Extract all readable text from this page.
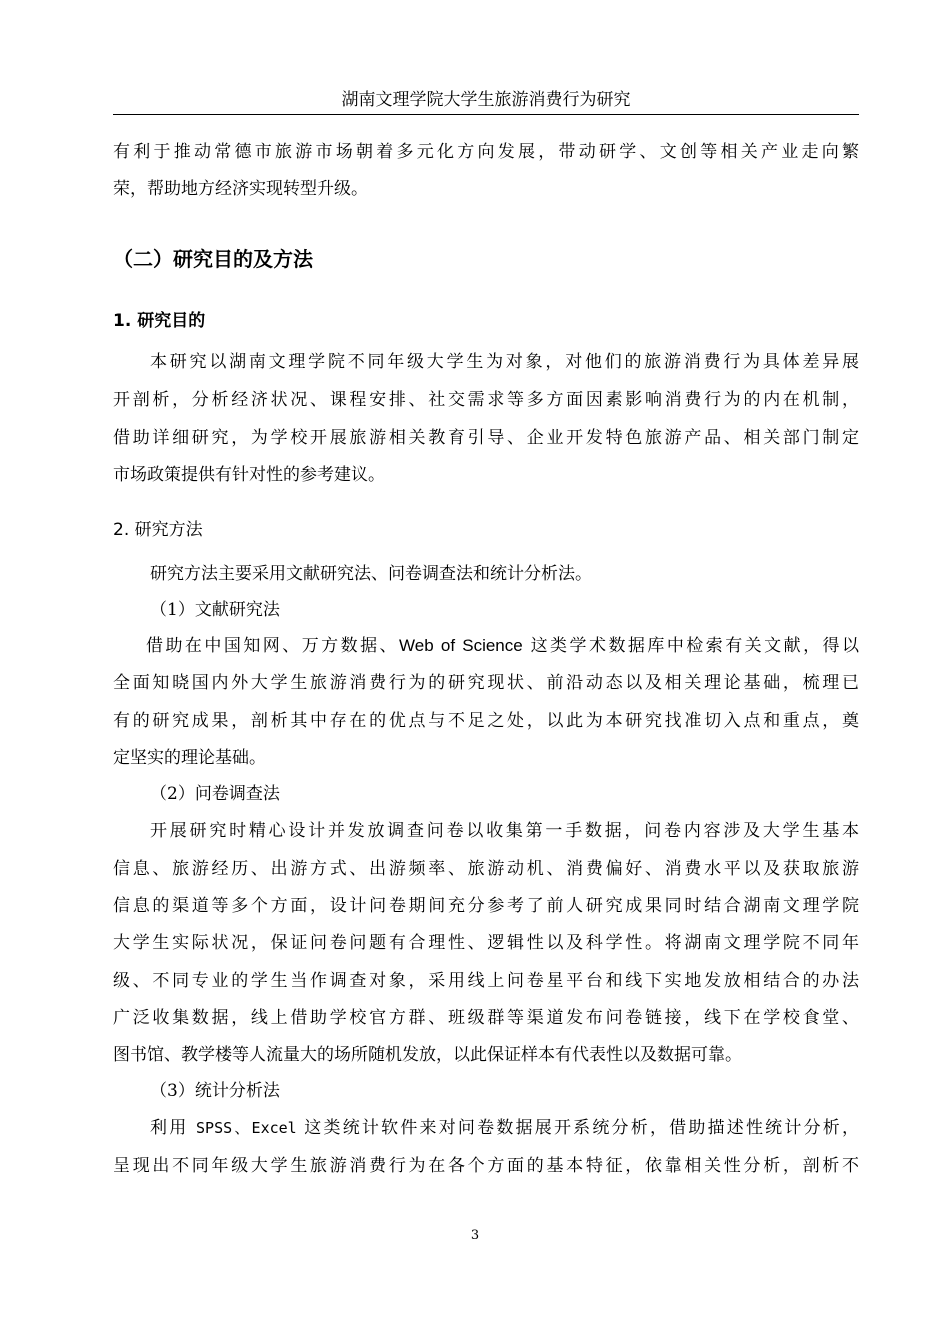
湖南文理学院大学生旅游消费行为研究
有利于推动常德市旅游市场朝着多元化方向发展，带动研学、文创等相关产业走向繁
荣，帮助地方经济实现转型升级。
（二）研究目的及方法
1. 研究目的
本研究以湖南文理学院不同年级大学生为对象，对他们的旅游消费行为具体差异展
开剖析，分析经济状况、课程安排、社交需求等多方面因素影响消费行为的内在机制，
借助详细研究，为学校开展旅游相关教育引导、企业开发特色旅游产品、相关部门制定
市场政策提供有针对性的参考建议。
2. 研究方法
研究方法主要采用文献研究法、问卷调查法和统计分析法。
（1）文献研究法
借助在中国知网、万方数据、Web of Science 这类学术数据库中检索有关文献，得以
全面知晓国内外大学生旅游消费行为的研究现状、前沿动态以及相关理论基础，梳理已
有的研究成果，剖析其中存在的优点与不足之处，以此为本研究找准切入点和重点，奠
定坚实的理论基础。
（2）问卷调查法
开展研究时精心设计并发放调查问卷以收集第一手数据，问卷内容涉及大学生基本
信息、旅游经历、出游方式、出游频率、旅游动机、消费偏好、消费水平以及获取旅游
信息的渠道等多个方面，设计问卷期间充分参考了前人研究成果同时结合湖南文理学院
大学生实际状况，保证问卷问题有合理性、逻辑性以及科学性。将湖南文理学院不同年
级、不同专业的学生当作调查对象，采用线上问卷星平台和线下实地发放相结合的办法
广泛收集数据，线上借助学校官方群、班级群等渠道发布问卷链接，线下在学校食堂、
图书馆、教学楼等人流量大的场所随机发放，以此保证样本有代表性以及数据可靠。
（3）统计分析法
利用 SPSS、Excel 这类统计软件来对问卷数据展开系统分析，借助描述性统计分析，
呈现出不同年级大学生旅游消费行为在各个方面的基本特征，依靠相关性分析，剖析不
3
